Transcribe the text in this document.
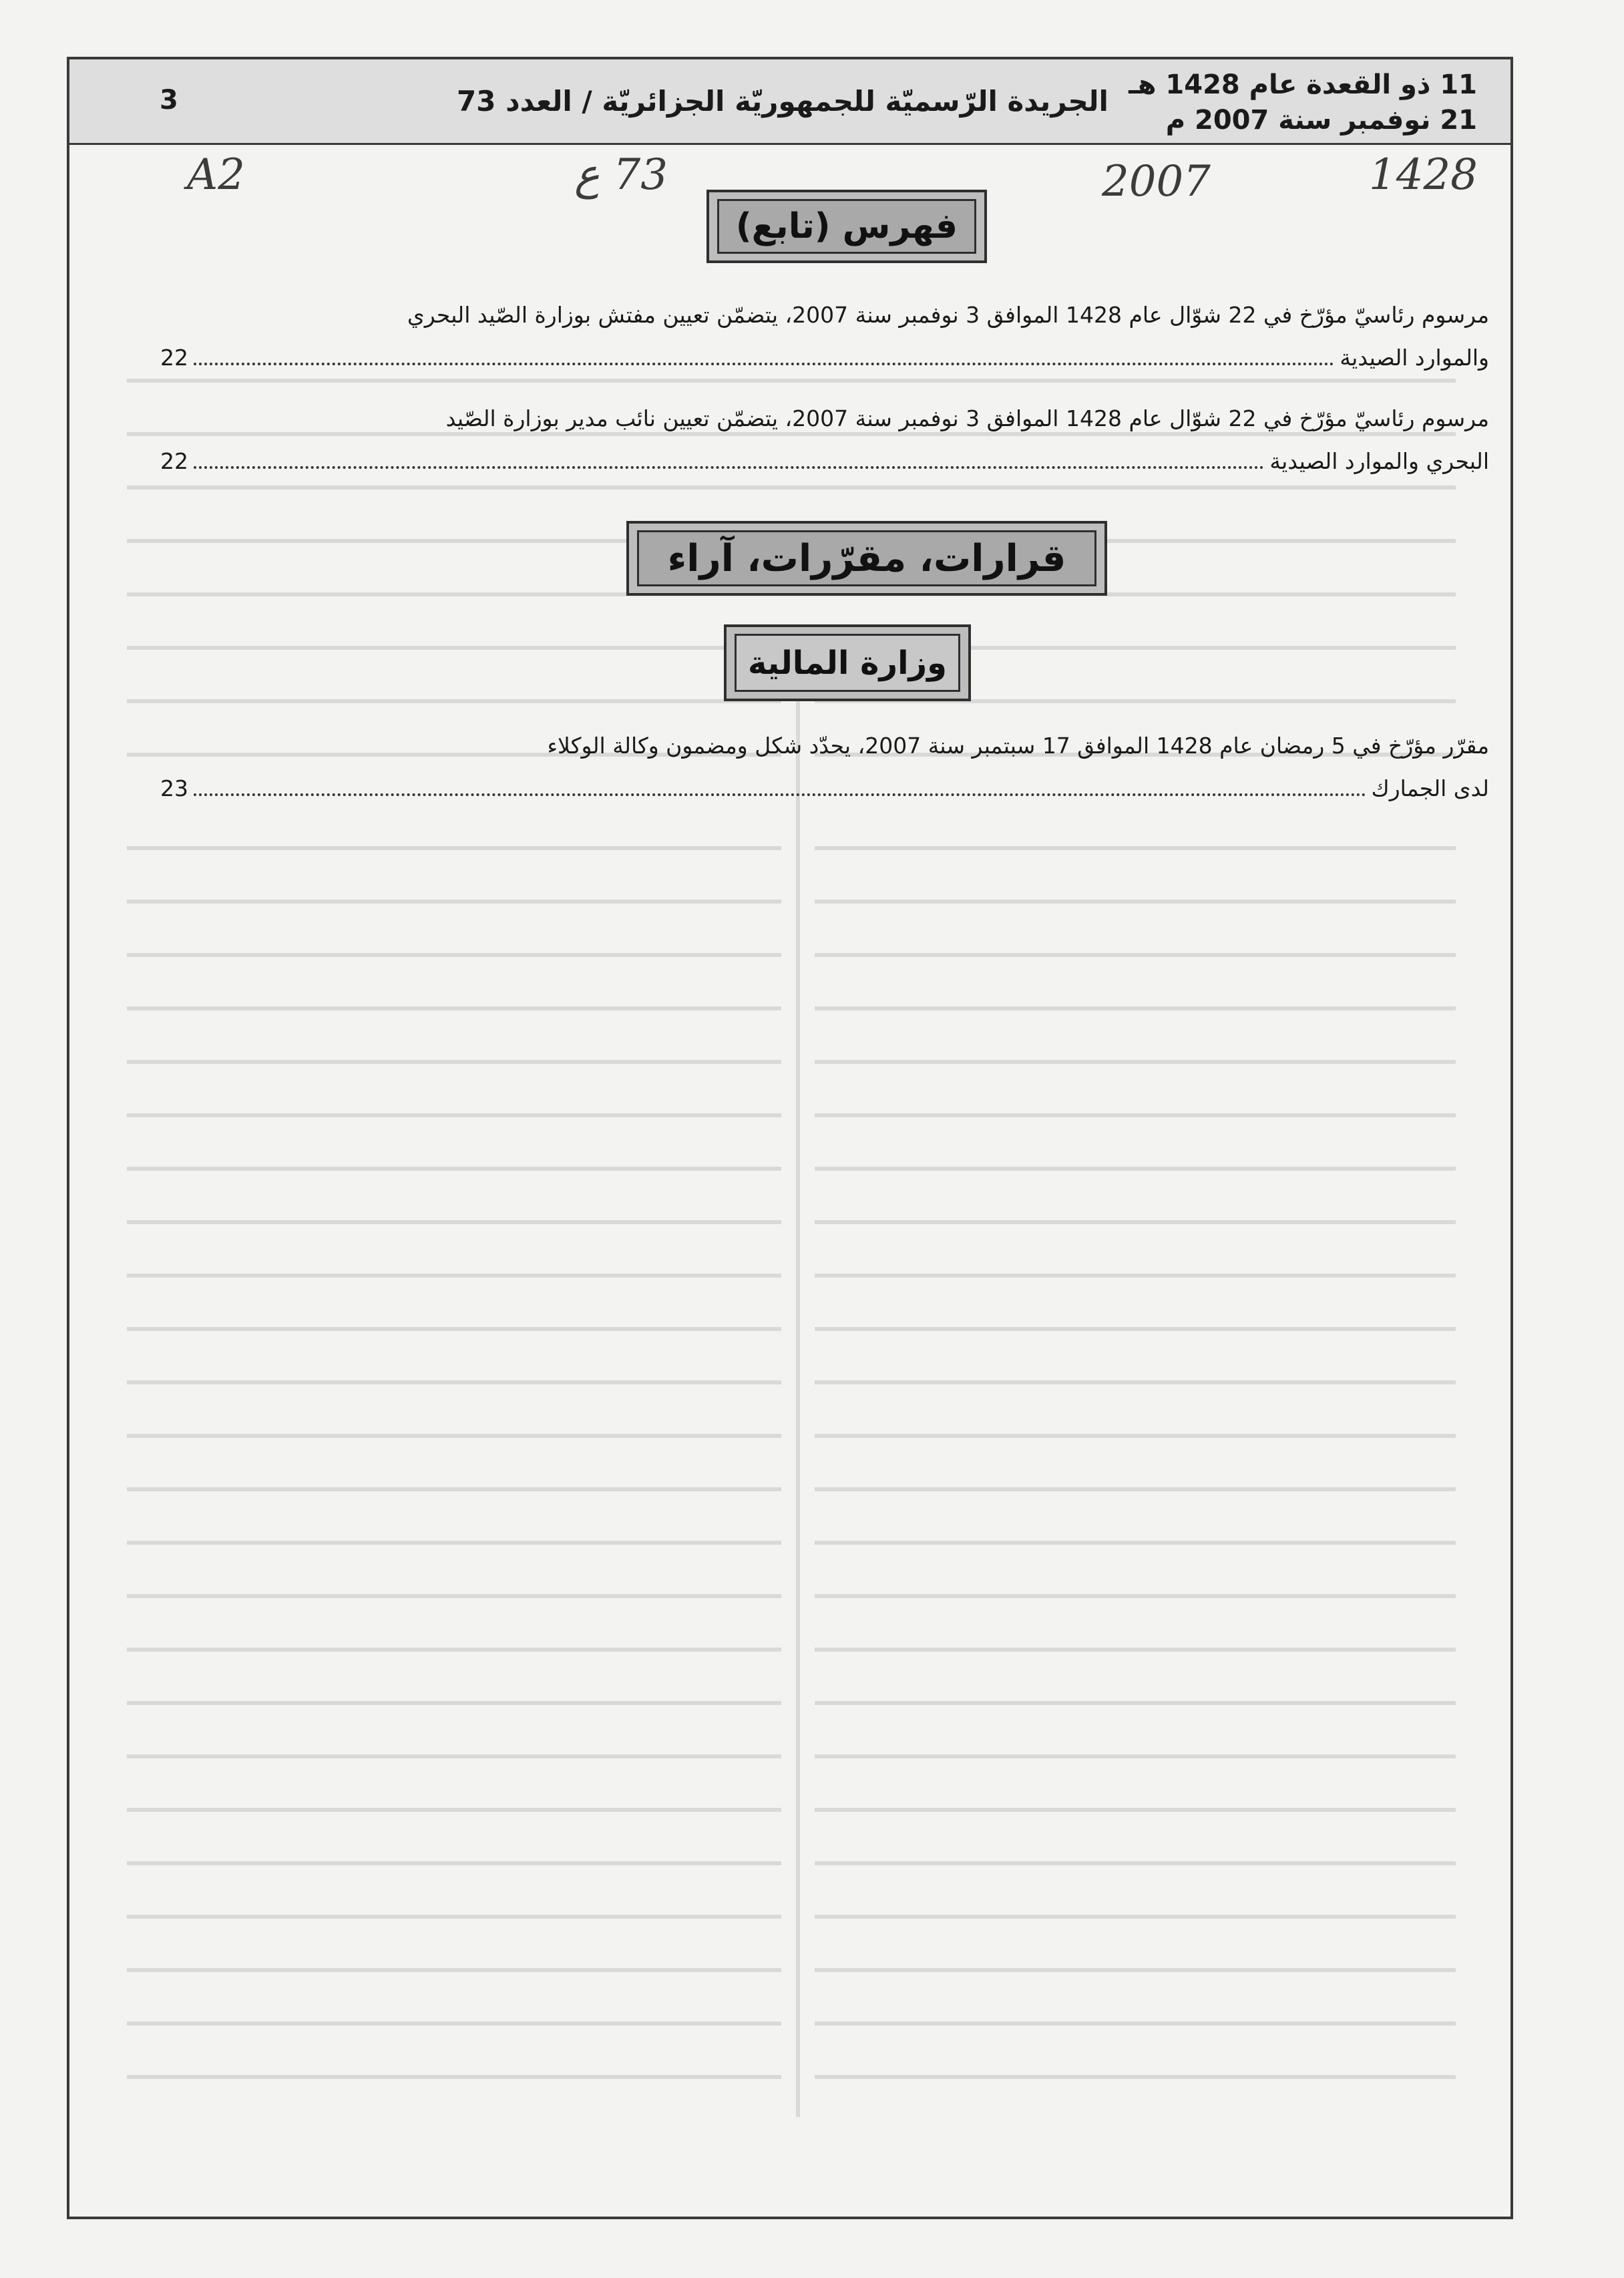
3	الجريدة الرّسميّة للجمهوريّة الجزائريّة / العدد 73 11 ذو القعدة عام 1428 هـ
21 نوفمبر سنة 2007 م
A2	73 ع	2007	1428
فهرس (تابع)

مرسوم رئاسيّ مؤرّخ في 22 شوّال عام 1428 الموافق 3 نوفمبر سنة 2007، يتضمّن تعيين مفتش بوزارة الصّيد البحري

والموارد الصيدية
22

مرسوم رئاسيّ مؤرّخ في 22 شوّال عام 1428 الموافق 3 نوفمبر سنة 2007، يتضمّن تعيين نائب مدير بوزارة الصّيد

البحري والموارد الصيدية
22
قرارات، مقرّرات، آراء
وزارة المالية

مقرّر مؤرّخ في 5 رمضان عام 1428 الموافق 17 سبتمبر سنة 2007، يحدّد شكل ومضمون وكالة الوكلاء

لدى الجمارك
23
